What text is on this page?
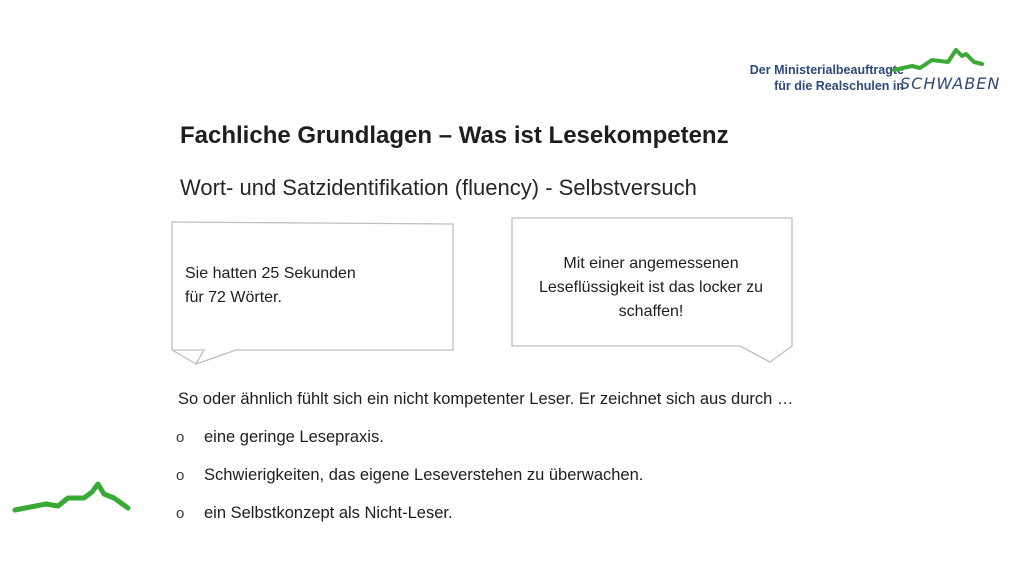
Der Ministerialbeauftragte
für die Realschulen in
SCHWABEN
Fachliche Grundlagen – Was ist Lesekompetenz
Wort- und Satzidentifikation (fluency) - Selbstversuch
Sie hatten 25 Sekunden
für 72 Wörter.
Mit einer angemessenen Leseflüssigkeit ist das locker zu schaffen!
So oder ähnlich fühlt sich ein nicht kompetenter Leser. Er zeichnet sich aus durch …
o eine geringe Lesepraxis.
o Schwierigkeiten, das eigene Leseverstehen zu überwachen.
o ein Selbstkonzept als Nicht-Leser.
